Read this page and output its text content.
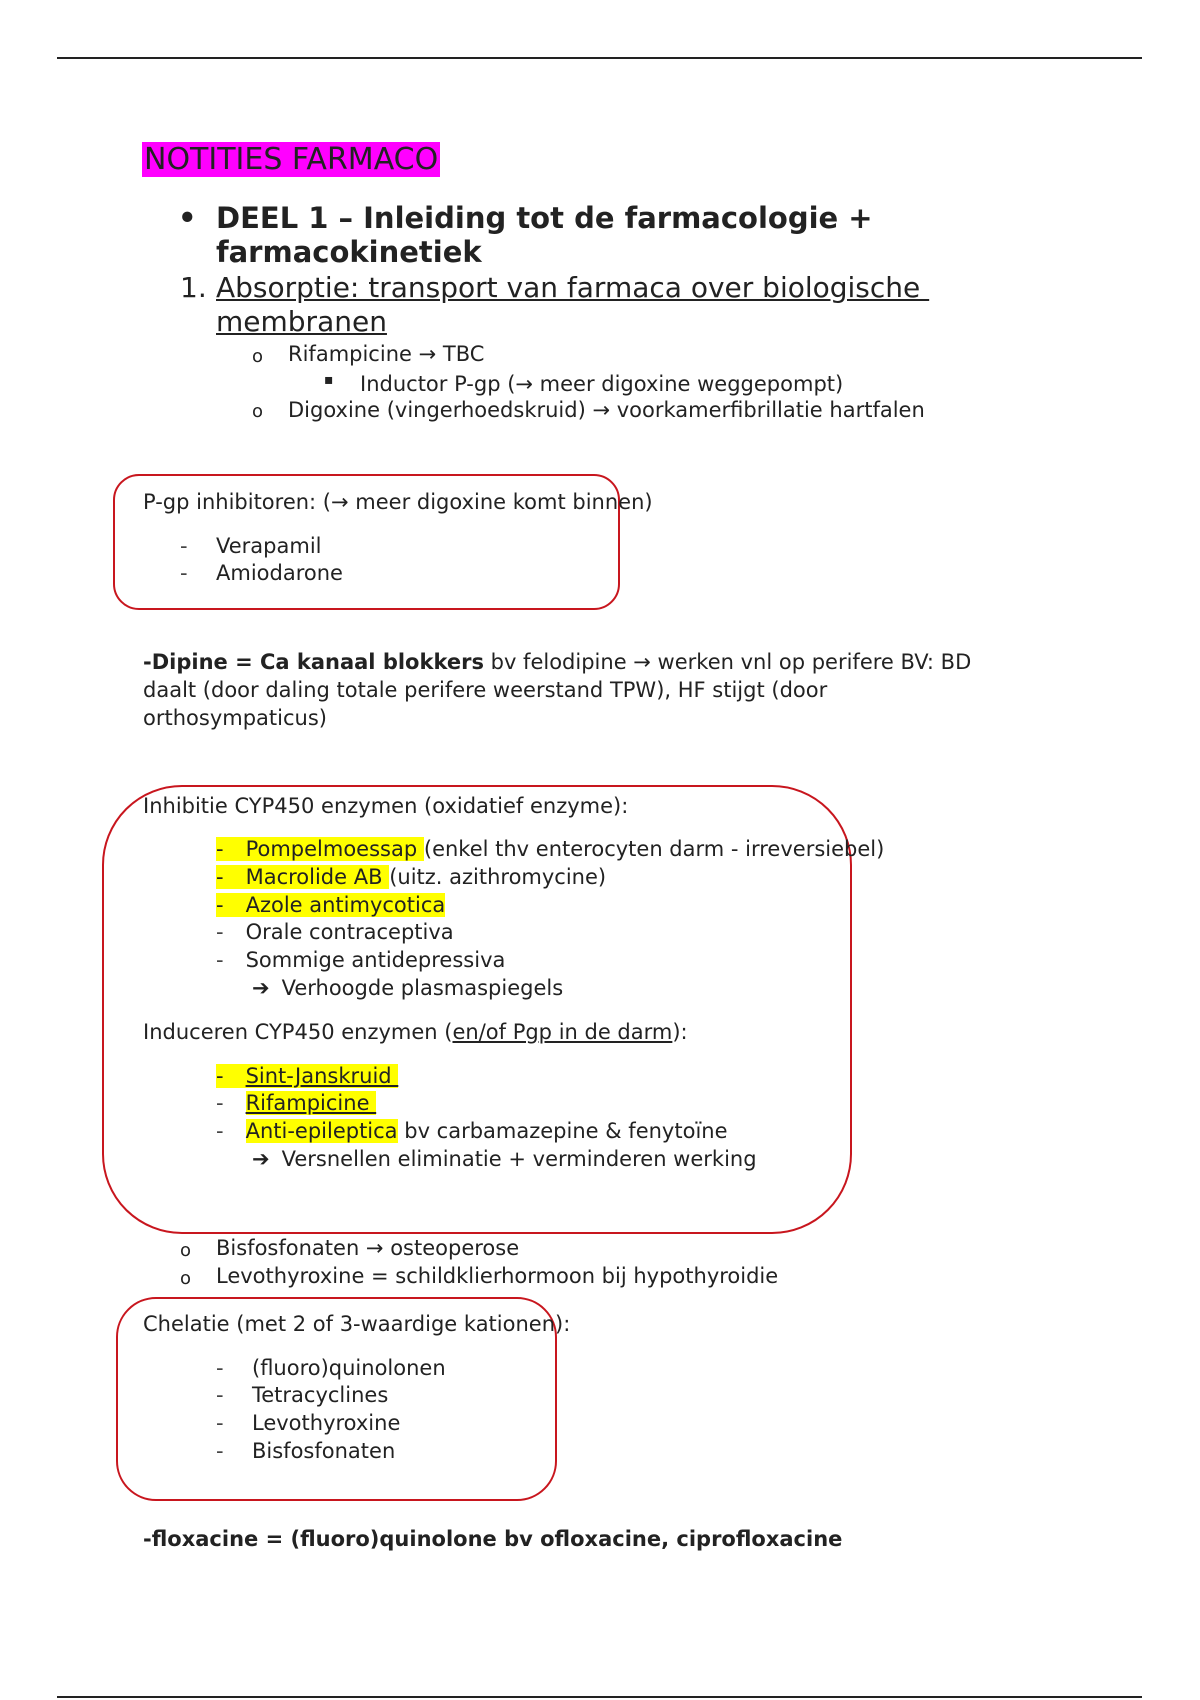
NOTITIES FARMACO
• DEEL 1 – Inleiding tot de farmacologie +
farmacokinetiek
1. Absorptie: transport van farmaca over biologische
membranen
o Rifampicine → TBC
▪ Inductor P-gp (→ meer digoxine weggepompt)
o Digoxine (vingerhoedskruid) → voorkamerfibrillatie hartfalen
P-gp inhibitoren: (→ meer digoxine komt binnen)
- Verapamil
- Amiodarone
-Dipine = Ca kanaal blokkers bv felodipine → werken vnl op perifere BV: BD
daalt (door daling totale perifere weerstand TPW), HF stijgt (door
orthosympaticus)
Inhibitie CYP450 enzymen (oxidatief enzyme):
- Pompelmoessap (enkel thv enterocyten darm - irreversiebel)
- Macrolide AB (uitz. azithromycine)
- Azole antimycotica
- Orale contraceptiva
- Sommige antidepressiva
➔ Verhoogde plasmaspiegels
Induceren CYP450 enzymen (en/of Pgp in de darm):
- Sint-Janskruid
- Rifampicine
- Anti-epileptica bv carbamazepine & fenytoïne
➔ Versnellen eliminatie + verminderen werking
o Bisfosfonaten → osteoperose
o Levothyroxine = schildklierhormoon bij hypothyroidie
Chelatie (met 2 of 3-waardige kationen):
- (fluoro)quinolonen
- Tetracyclines
- Levothyroxine
- Bisfosfonaten
-floxacine = (fluoro)quinolone bv ofloxacine, ciprofloxacine
